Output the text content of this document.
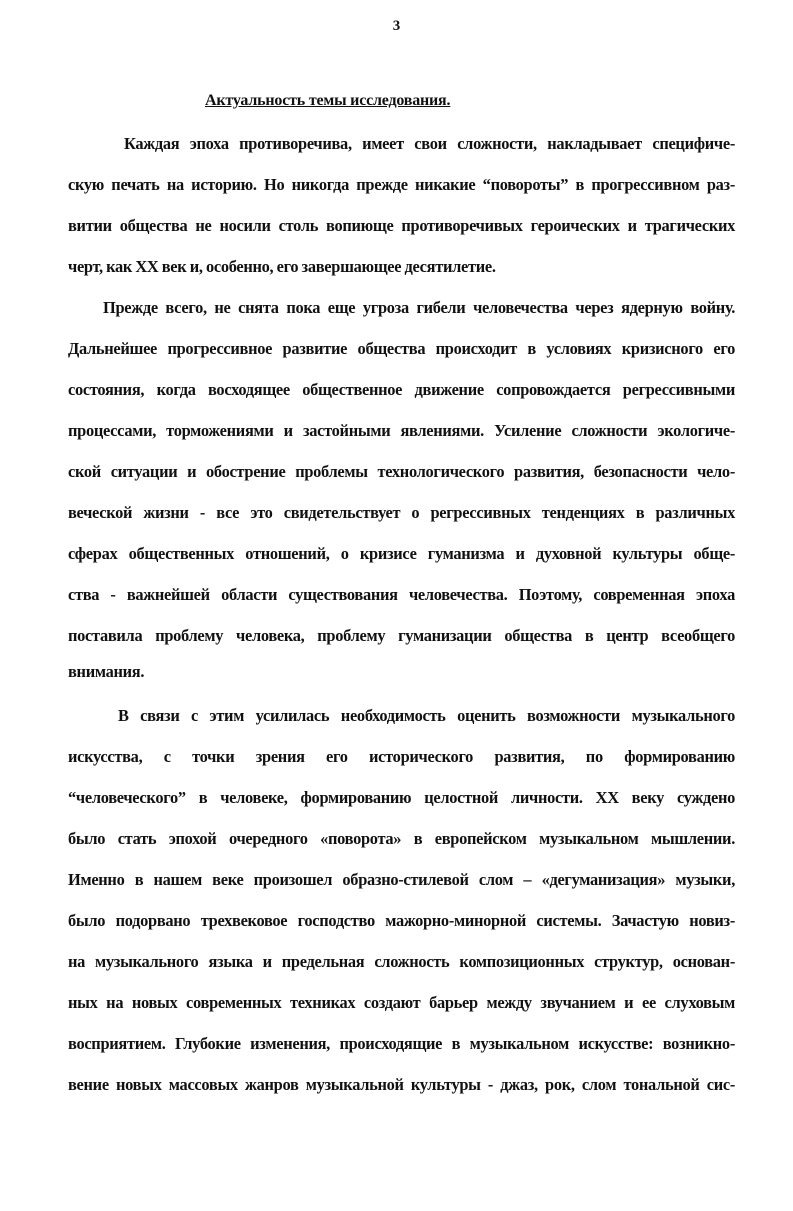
3
Актуальность темы исследования.
Каждая эпоха противоречива, имеет свои сложности, накладывает специфиче-
скую печать на историю. Но никогда прежде никакие “повороты” в прогрессивном раз-
витии общества не носили столь вопиюще противоречивых героических и трагических
черт, как XX век и, особенно, его завершающее десятилетие.
Прежде всего, не снята пока еще угроза гибели человечества через ядерную войну.
Дальнейшее прогрессивное развитие общества происходит в условиях кризисного его
состояния, когда восходящее общественное движение сопровождается регрессивными
процессами, торможениями и застойными явлениями. Усиление сложности экологиче-
ской ситуации и обострение проблемы технологического развития, безопасности чело-
веческой жизни - все это свидетельствует о регрессивных тенденциях в различных
сферах общественных отношений, о кризисе гуманизма и духовной культуры обще-
ства - важнейшей области существования человечества. Поэтому, современная эпоха
поставила проблему человека, проблему гуманизации общества в центр всеобщего
внимания.
В связи с этим усилилась необходимость оценить возможности музыкального
искусства, с точки зрения его исторического развития, по формированию
“человеческого” в человеке, формированию целостной личности. XX веку суждено
было стать эпохой очередного «поворота» в европейском музыкальном мышлении.
Именно в нашем веке произошел образно-стилевой слом – «дегуманизация» музыки,
было подорвано трехвековое господство мажорно-минорной системы. Зачастую новиз-
на музыкального языка и предельная сложность композиционных структур, основан-
ных на новых современных техниках создают барьер между звучанием и ее слуховым
восприятием. Глубокие изменения, происходящие в музыкальном искусстве: возникно-
вение новых массовых жанров музыкальной культуры - джаз, рок, слом тональной сис-
